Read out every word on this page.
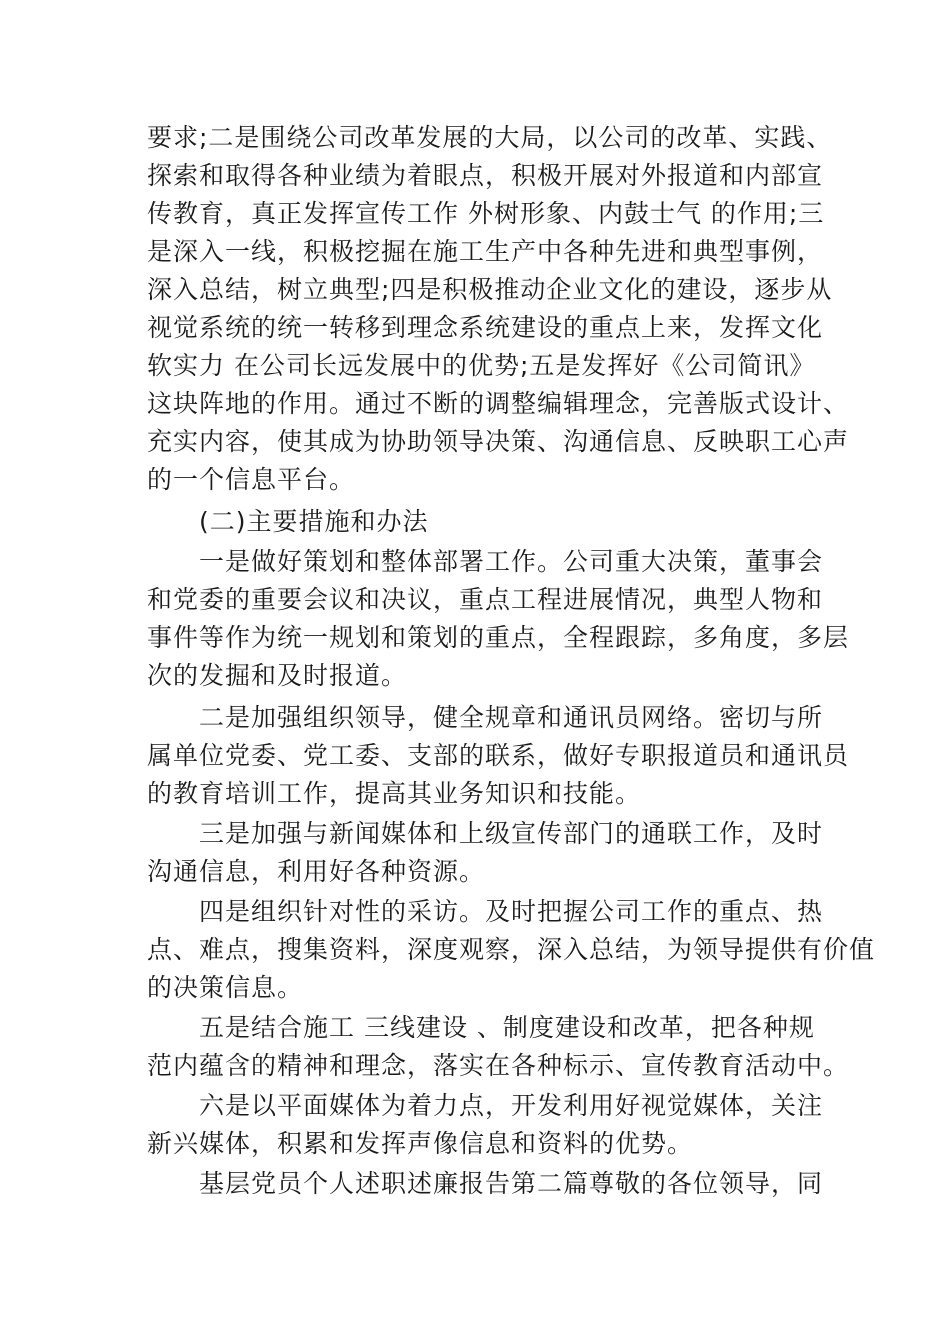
要求;二是围绕公司改革发展的大局，以公司的改革、实践、
探索和取得各种业绩为着眼点，积极开展对外报道和内部宣
传教育，真正发挥宣传工作 外树形象、内鼓士气 的作用;三
是深入一线，积极挖掘在施工生产中各种先进和典型事例，
深入总结，树立典型;四是积极推动企业文化的建设，逐步从
视觉系统的统一转移到理念系统建设的重点上来，发挥文化
软实力 在公司长远发展中的优势;五是发挥好《公司简讯》
这块阵地的作用。通过不断的调整编辑理念，完善版式设计、
充实内容，使其成为协助领导决策、沟通信息、反映职工心声
的一个信息平台。
(二)主要措施和办法
一是做好策划和整体部署工作。公司重大决策，董事会
和党委的重要会议和决议，重点工程进展情况，典型人物和
事件等作为统一规划和策划的重点，全程跟踪，多角度，多层
次的发掘和及时报道。
二是加强组织领导，健全规章和通讯员网络。密切与所
属单位党委、党工委、支部的联系，做好专职报道员和通讯员
的教育培训工作，提高其业务知识和技能。
三是加强与新闻媒体和上级宣传部门的通联工作，及时
沟通信息，利用好各种资源。
四是组织针对性的采访。及时把握公司工作的重点、热
点、难点，搜集资料，深度观察，深入总结，为领导提供有价值
的决策信息。
五是结合施工 三线建设 、制度建设和改革，把各种规
范内蕴含的精神和理念，落实在各种标示、宣传教育活动中。
六是以平面媒体为着力点，开发利用好视觉媒体，关注
新兴媒体，积累和发挥声像信息和资料的优势。
基层党员个人述职述廉报告第二篇尊敬的各位领导，同
